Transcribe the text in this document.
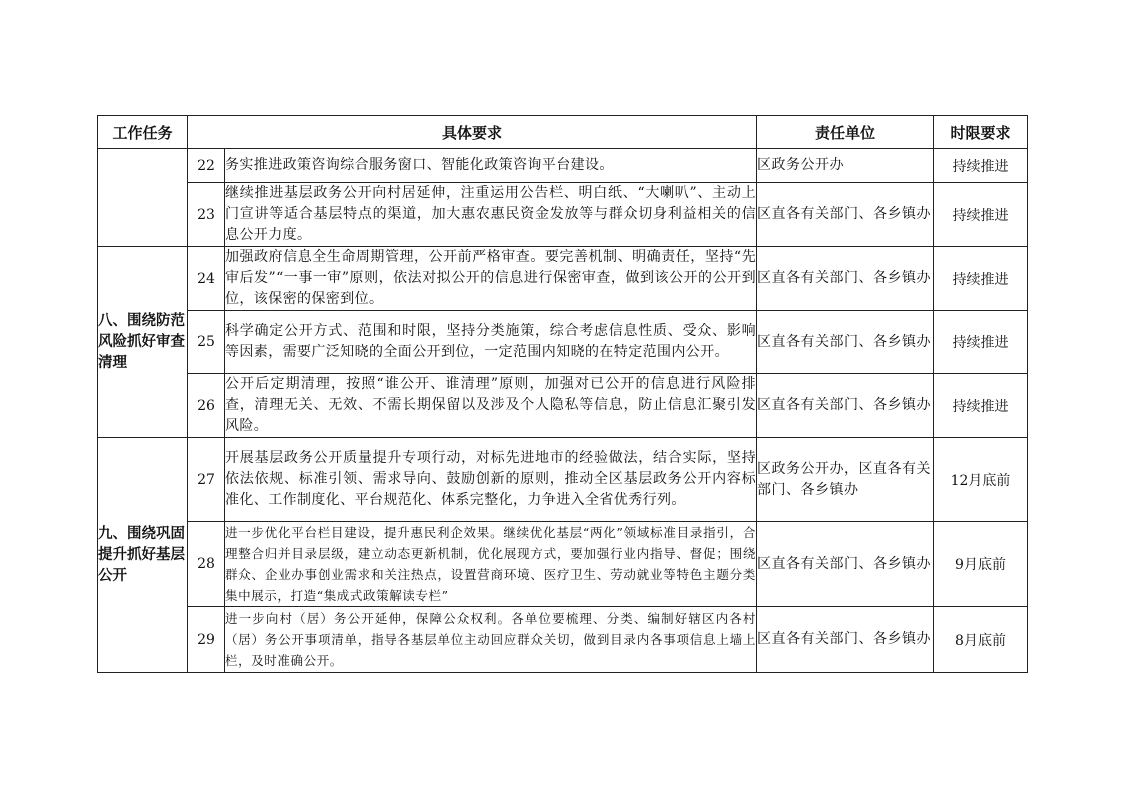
工作任务	具体要求		责任单位	时限要求
	22	务实推进政策咨询综合服务窗口、智能化政策咨询平台建设。	区政务公开办	持续推进
	23	继续推进基层政务公开向村居延伸，注重运用公告栏、明白纸、“大喇叭”、主动上门宣讲等适合基层特点的渠道，加大惠农惠民资金发放等与群众切身利益相关的信息公开力度。	区直各有关部门、各乡镇办	持续推进
八、围绕防范风险抓好审查清理	24	加强政府信息全生命周期管理，公开前严格审查。要完善机制、明确责任，坚持“先审后发”“一事一审”原则，依法对拟公开的信息进行保密审查，做到该公开的公开到位，该保密的保密到位。	区直各有关部门、各乡镇办	持续推进
	25	科学确定公开方式、范围和时限，坚持分类施策，综合考虑信息性质、受众、影响等因素，需要广泛知晓的全面公开到位，一定范围内知晓的在特定范围内公开。	区直各有关部门、各乡镇办	持续推进
	26	公开后定期清理，按照“谁公开、谁清理”原则，加强对已公开的信息进行风险排查，清理无关、无效、不需长期保留以及涉及个人隐私等信息，防止信息汇聚引发风险。	区直各有关部门、各乡镇办	持续推进
九、围绕巩固提升抓好基层公开	27	开展基层政务公开质量提升专项行动，对标先进地市的经验做法，结合实际，坚持依法依规、标准引领、需求导向、鼓励创新的原则，推动全区基层政务公开内容标准化、工作制度化、平台规范化、体系完整化，力争进入全省优秀行列。	区政务公开办，区直各有关部门、各乡镇办	12月底前
	28	进一步优化平台栏目建设，提升惠民利企效果。继续优化基层“两化”领域标准目录指引，合理整合归并目录层级，建立动态更新机制，优化展现方式，要加强行业内指导、督促；围绕群众、企业办事创业需求和关注热点，设置营商环境、医疗卫生、劳动就业等特色主题分类集中展示，打造“集成式政策解读专栏”	区直各有关部门、各乡镇办	9月底前
	29	进一步向村（居）务公开延伸，保障公众权利。各单位要梳理、分类、编制好辖区内各村（居）务公开事项清单，指导各基层单位主动回应群众关切，做到目录内各事项信息上墙上栏，及时准确公开。	区直各有关部门、各乡镇办	8月底前
